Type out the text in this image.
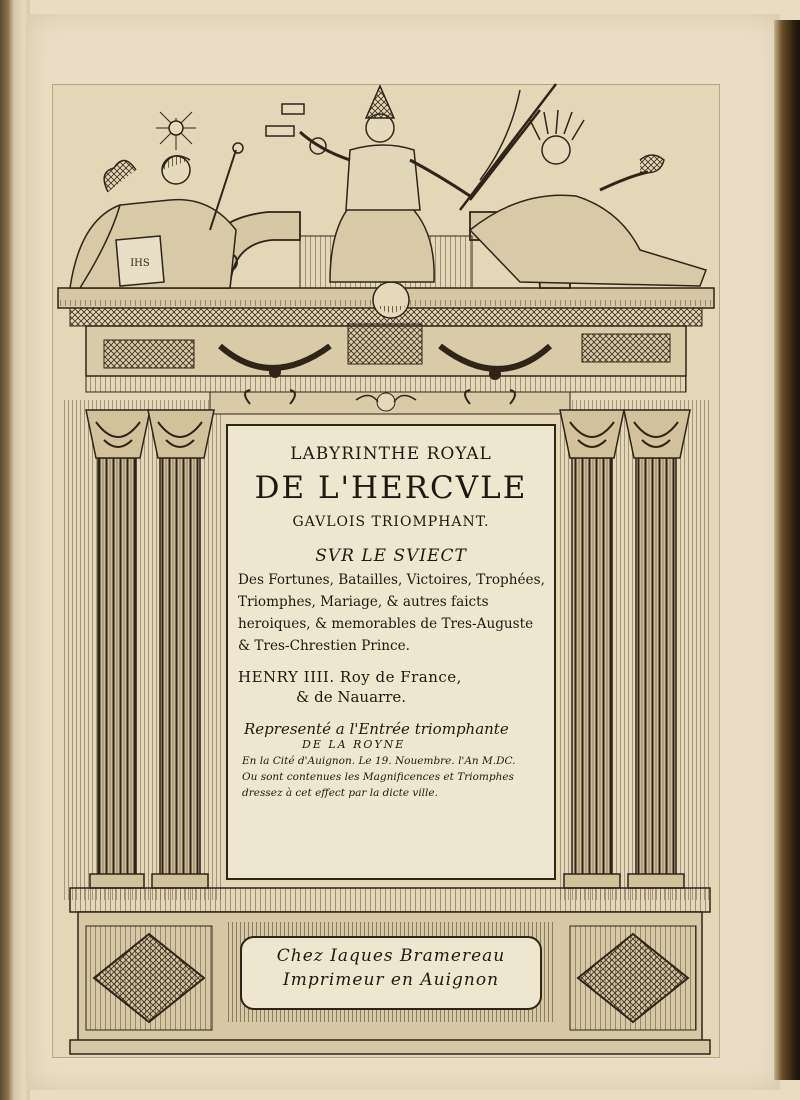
IHS
LABYRINTHE ROYAL
DE L'HERCVLE
GAVLOIS TRIOMPHANT.
SVR LE SVIECT
Des Fortunes, Batailles, Victoires, Trophées,
Triomphes, Mariage, & autres faicts
heroiques, & memorables de Tres-Auguste
& Tres-Chrestien Prince.
HENRY IIII. Roy de France,
& de Nauarre.
Representé a l'Entrée triomphante
DE LA ROYNE
En la Cité d'Auignon. Le 19. Nouembre. l'An M.DC.
Ou sont contenues les Magnificences et Triomphes
dressez à cet effect par la dicte ville.
Chez Iaques Bramereau
Imprimeur en Auignon
